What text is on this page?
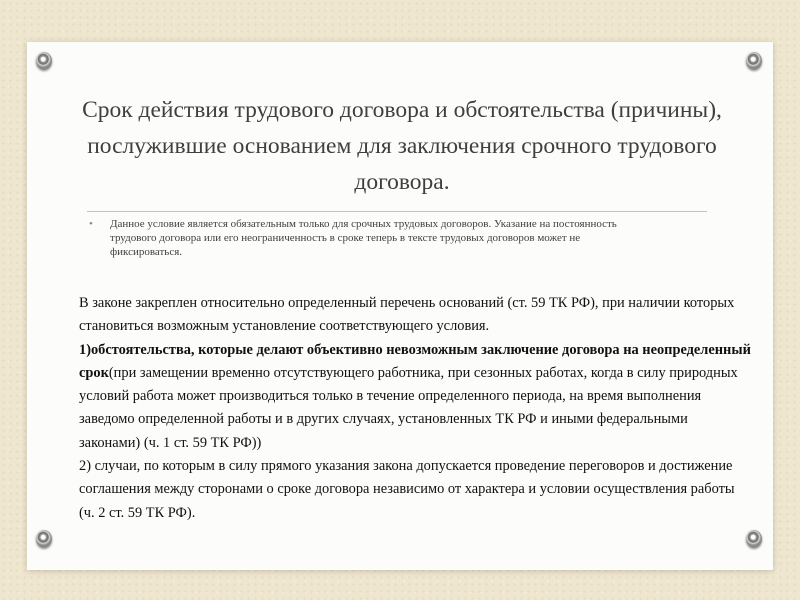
Срок действия трудового договора и обстоятельства (причины), послужившие основанием для заключения срочного трудового договора.
• Данное условие является обязательным только для срочных трудовых договоров. Указание на постоянность трудового договора или его неограниченность в сроке теперь в тексте трудовых договоров может не фиксироваться.

В законе закреплен относительно определенный перечень оснований (ст. 59 ТК РФ), при наличии которых становиться возможным установление соответствующего условия.

1)обстоятельства, которые делают объективно невозможным заключение договора на неопределенный срок(при замещении временно отсутствующего работника, при сезонных работах, когда в силу природных условий работа может производиться только в течение определенного периода, на время выполнения заведомо определенной работы и в других случаях, установленных ТК РФ и иными федеральными законами) (ч. 1 ст. 59 ТК РФ))

2) случаи, по которым в силу прямого указания закона допускается проведение переговоров и достижение соглашения между сторонами о сроке договора независимо от характера и условии осуществления работы (ч. 2 ст. 59 ТК РФ).
